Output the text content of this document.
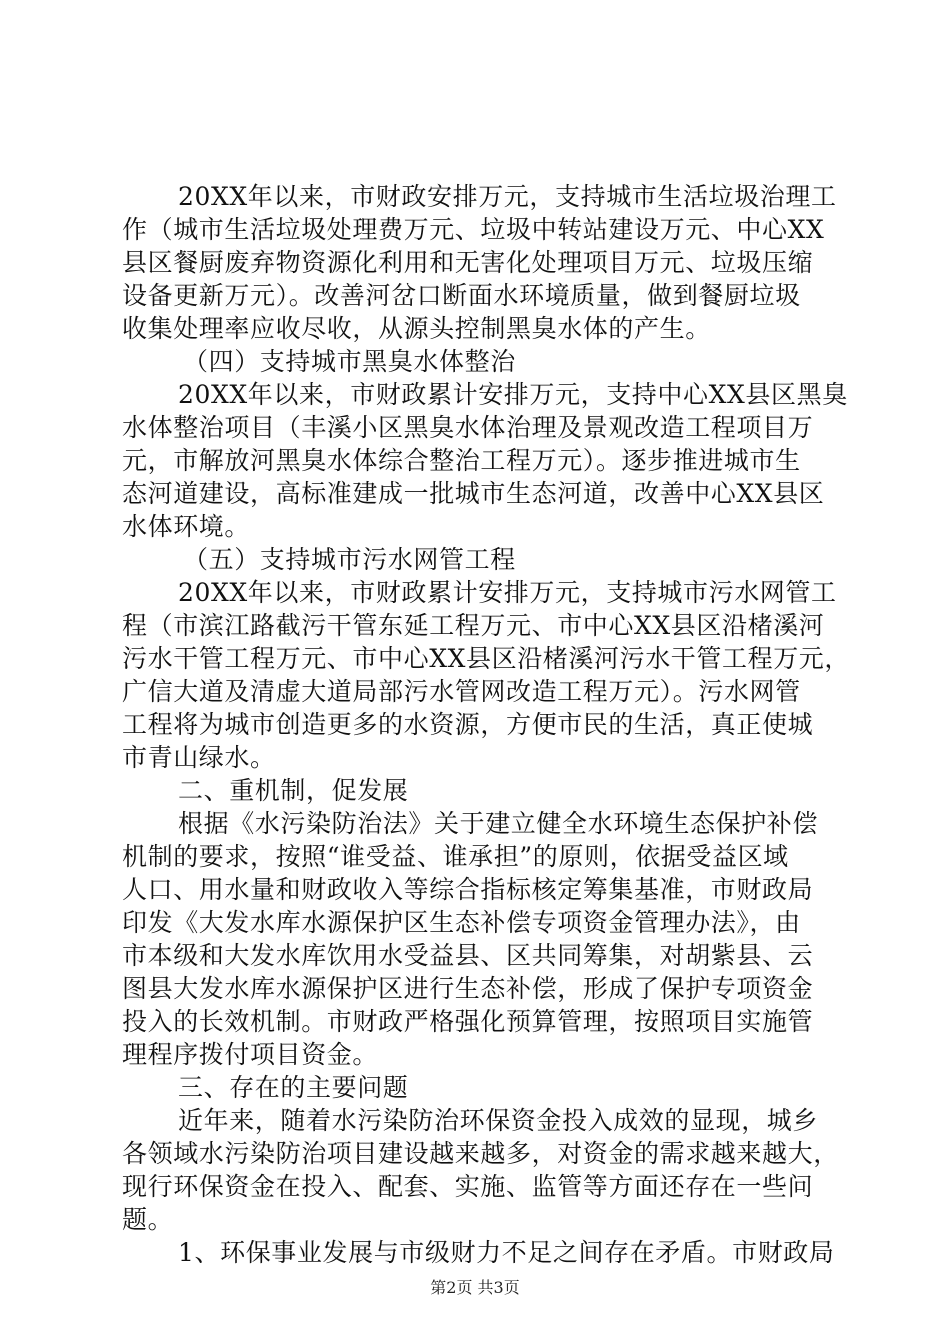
20XX年以来，市财政安排万元，支持城市生活垃圾治理工
作（城市生活垃圾处理费万元、垃圾中转站建设万元、中心XX
县区餐厨废弃物资源化利用和无害化处理项目万元、垃圾压缩
设备更新万元）。改善河岔口断面水环境质量，做到餐厨垃圾
收集处理率应收尽收，从源头控制黑臭水体的产生。
（四）支持城市黑臭水体整治
20XX年以来，市财政累计安排万元，支持中心XX县区黑臭
水体整治项目（丰溪小区黑臭水体治理及景观改造工程项目万
元，市解放河黑臭水体综合整治工程万元）。逐步推进城市生
态河道建设，高标准建成一批城市生态河道，改善中心XX县区
水体环境。
（五）支持城市污水网管工程
20XX年以来，市财政累计安排万元，支持城市污水网管工
程（市滨江路截污干管东延工程万元、市中心XX县区沿楮溪河
污水干管工程万元、市中心XX县区沿楮溪河污水干管工程万元，
广信大道及清虚大道局部污水管网改造工程万元）。污水网管
工程将为城市创造更多的水资源，方便市民的生活，真正使城
市青山绿水。
二、重机制，促发展
根据《水污染防治法》关于建立健全水环境生态保护补偿
机制的要求，按照“谁受益、谁承担”的原则，依据受益区域
人口、用水量和财政收入等综合指标核定筹集基准，市财政局
印发《大发水库水源保护区生态补偿专项资金管理办法》，由
市本级和大发水库饮用水受益县、区共同筹集，对胡紫县、云
图县大发水库水源保护区进行生态补偿，形成了保护专项资金
投入的长效机制。市财政严格强化预算管理，按照项目实施管
理程序拨付项目资金。
三、存在的主要问题
近年来，随着水污染防治环保资金投入成效的显现，城乡
各领域水污染防治项目建设越来越多，对资金的需求越来越大，
现行环保资金在投入、配套、实施、监管等方面还存在一些问
题。
1、环保事业发展与市级财力不足之间存在矛盾。市财政局
第2页 共3页
